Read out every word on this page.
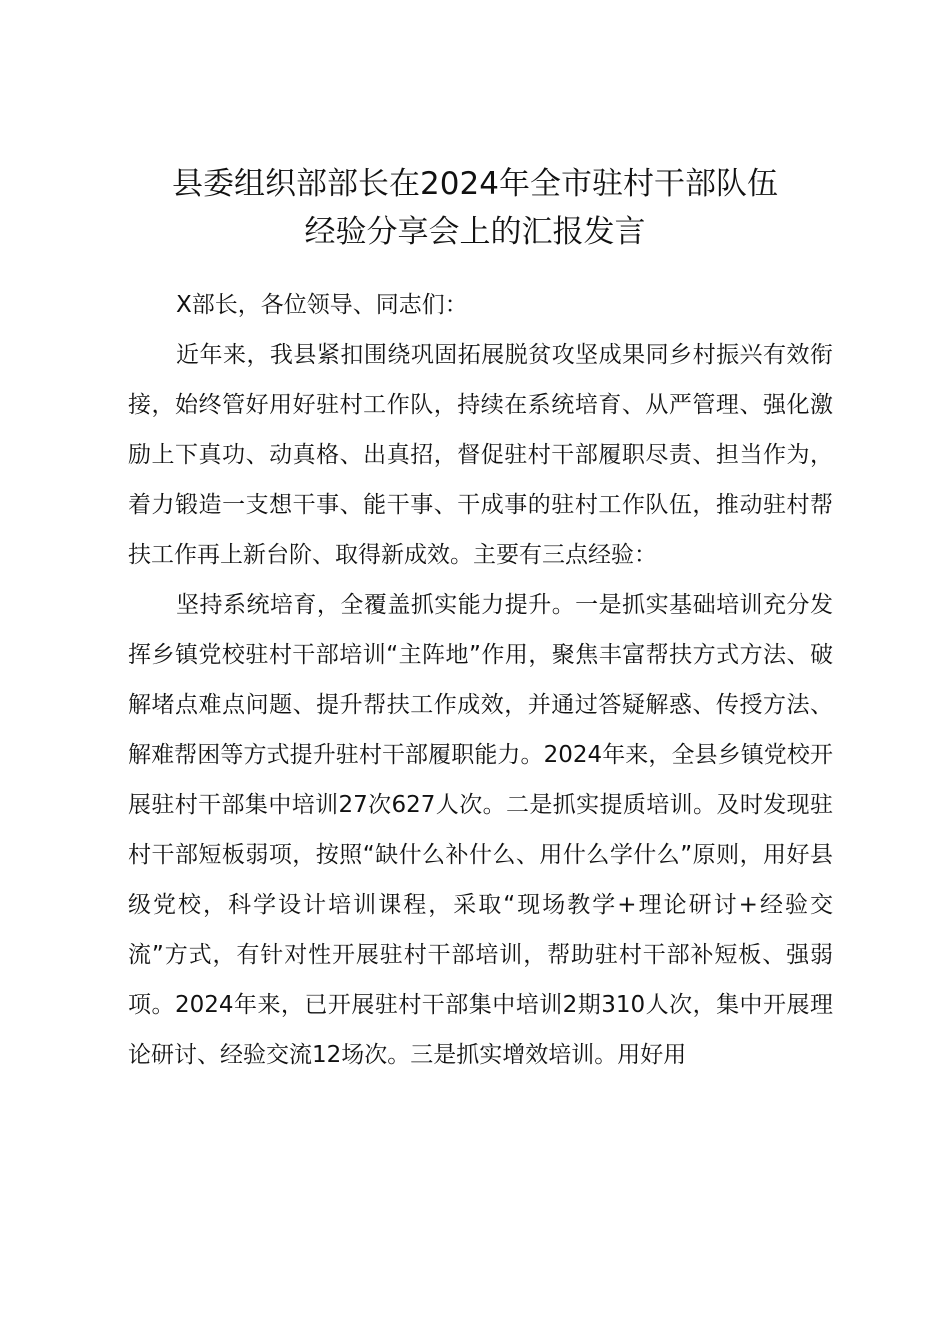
县委组织部部长在2024年全市驻村干部队伍
经验分享会上的汇报发言

X部长，各位领导、同志们：

近年来，我县紧扣围绕巩固拓展脱贫攻坚成果同乡村振兴有效衔接，始终管好用好驻村工作队，持续在系统培育、从严管理、强化激励上下真功、动真格、出真招，督促驻村干部履职尽责、担当作为，着力锻造一支想干事、能干事、干成事的驻村工作队伍，推动驻村帮扶工作再上新台阶、取得新成效。主要有三点经验：

坚持系统培育，全覆盖抓实能力提升。一是抓实基础培训充分发挥乡镇党校驻村干部培训“主阵地”作用，聚焦丰富帮扶方式方法、破解堵点难点问题、提升帮扶工作成效，并通过答疑解惑、传授方法、解难帮困等方式提升驻村干部履职能力。2024年来，全县乡镇党校开展驻村干部集中培训27次627人次。二是抓实提质培训。及时发现驻村干部短板弱项，按照“缺什么补什么、用什么学什么”原则，用好县级党校，科学设计培训课程，采取“现场教学+理论研讨+经验交流”方式，有针对性开展驻村干部培训，帮助驻村干部补短板、强弱项。2024年来，已开展驻村干部集中培训2期310人次，集中开展理论研讨、经验交流12场次。三是抓实增效培训。用好用
